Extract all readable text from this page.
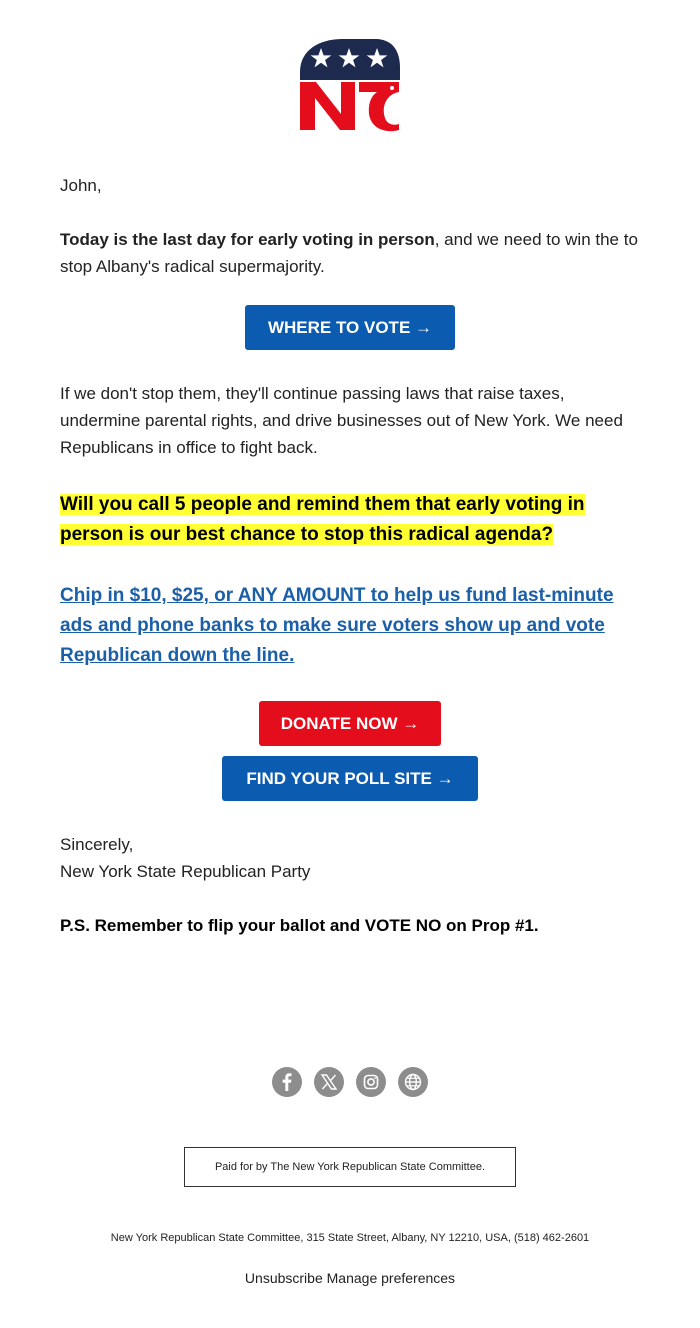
John,

Today is the last day for early voting in person, and we need to win the to stop Albany's radical supermajority.

WHERE TO VOTE →

If we don't stop them, they'll continue passing laws that raise taxes, undermine parental rights, and drive businesses out of New York. We need Republicans in office to fight back.

Will you call 5 people and remind them that early voting in person is our best chance to stop this radical agenda?

Chip in $10, $25, or ANY AMOUNT to help us fund last-minute ads and phone banks to make sure voters show up and vote Republican down the line.

DONATE NOW →
FIND YOUR POLL SITE →

Sincerely,
New York State Republican Party

P.S. Remember to flip your ballot and VOTE NO on Prop #1.

Paid for by The New York Republican State Committee.
New York Republican State Committee, 315 State Street, Albany, NY 12210, USA, (518) 462-2601
Unsubscribe Manage preferences
